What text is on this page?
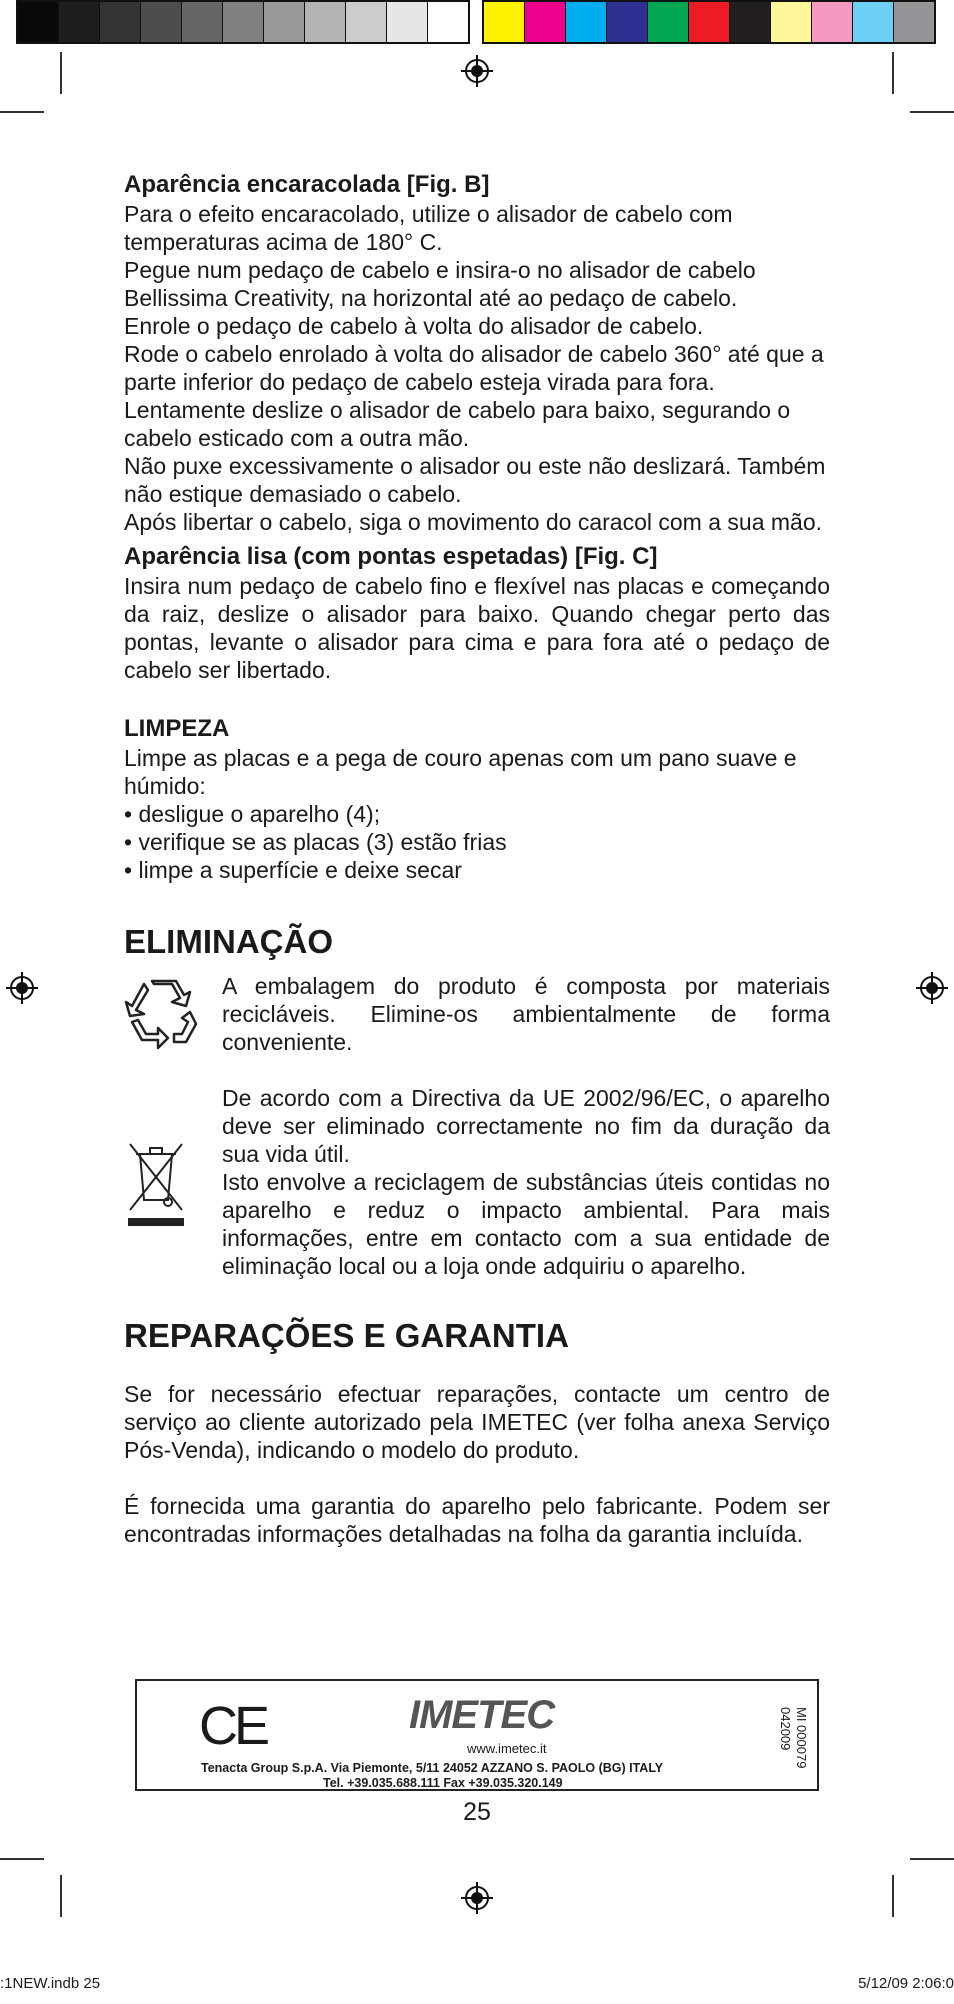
Aparência encaracolada [Fig. B]

Para o efeito encaracolado, utilize o alisador de cabelo com temperaturas acima de 180° C.

Pegue num pedaço de cabelo e insira-o no alisador de cabelo Bellissima Creativity, na horizontal até ao pedaço de cabelo.

Enrole o pedaço de cabelo à volta do alisador de cabelo.

Rode o cabelo enrolado à volta do alisador de cabelo 360° até que a parte inferior do pedaço de cabelo esteja virada para fora.

Lentamente deslize o alisador de cabelo para baixo, segurando o cabelo esticado com a outra mão.

Não puxe excessivamente o alisador ou este não deslizará. Também não estique demasiado o cabelo.

Após libertar o cabelo, siga o movimento do caracol com a sua mão.

Aparência lisa (com pontas espetadas) [Fig. C]

Insira num pedaço de cabelo fino e flexível nas placas e começando da raiz, deslize o alisador para baixo. Quando chegar perto das pontas, levante o alisador para cima e para fora até o pedaço de cabelo ser libertado.

LIMPEZA

Limpe as placas e a pega de couro apenas com um pano suave e húmido:

• desligue o aparelho (4);

• verifique se as placas (3) estão frias

• limpe a superfície e deixe secar

ELIMINAÇÃO

A embalagem do produto é composta por materiais recicláveis. Elimine-os ambientalmente de forma conveniente.

De acordo com a Directiva da UE 2002/96/EC, o aparelho deve ser eliminado correctamente no fim da duração da sua vida útil.

Isto envolve a reciclagem de substâncias úteis contidas no aparelho e reduz o impacto ambiental. Para mais informações, entre em contacto com a sua entidade de eliminação local ou a loja onde adquiriu o aparelho.

REPARAÇÕES E GARANTIA

Se for necessário efectuar reparações, contacte um centro de serviço ao cliente autorizado pela IMETEC (ver folha anexa Serviço Pós-Venda), indicando o modelo do produto.

É fornecida uma garantia do aparelho pelo fabricante. Podem ser encontradas informações detalhadas na folha da garantia incluída.

CE	IMETEC
www.imetec.it
Tenacta Group S.p.A. Via Piemonte, 5/11 24052 AZZANO S. PAOLO (BG) ITALY
Tel. +39.035.688.111 Fax +39.035.320.149
MI 000079
042009
25
:1NEW.indb 25	5/12/09 2:06:0
